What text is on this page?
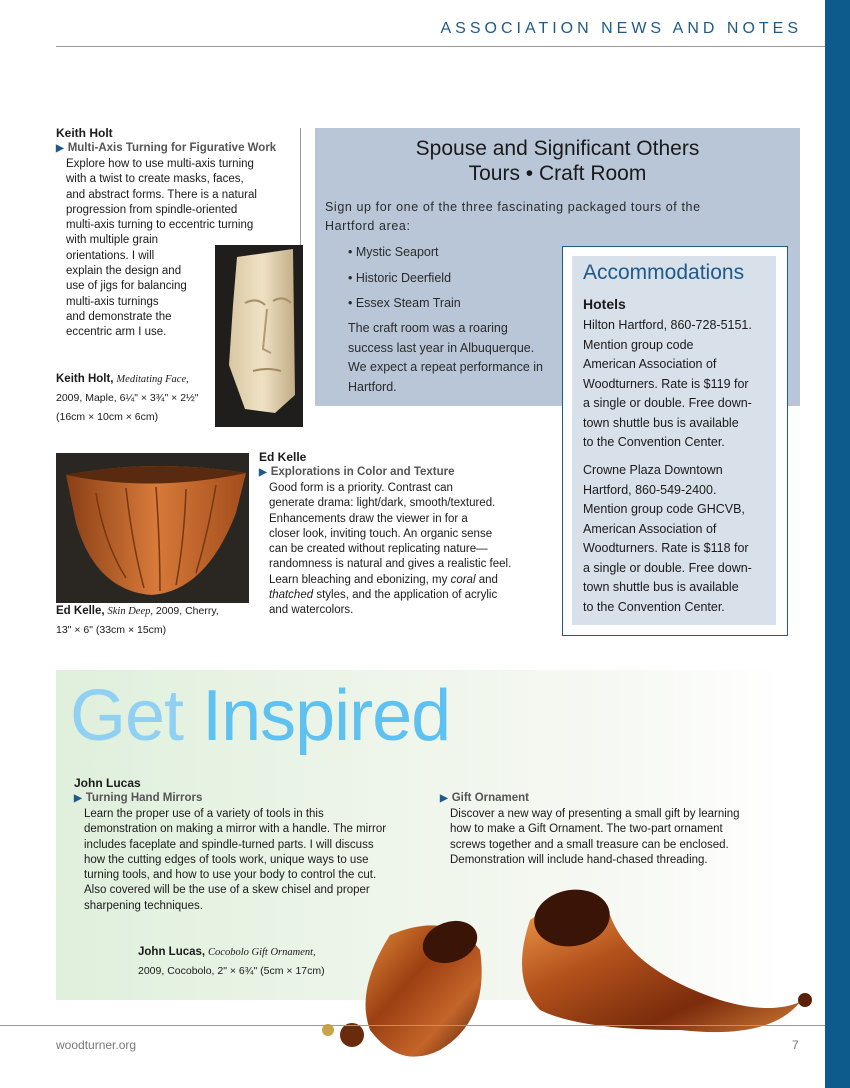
ASSOCIATION NEWS AND NOTES
Keith Holt
▶ Multi-Axis Turning for Figurative Work
Explore how to use multi-axis turning
with a twist to create masks, faces,
and abstract forms. There is a natural
progression from spindle-oriented
multi-axis turning to eccentric turning
with multiple grain
orientations. I will
explain the design and
use of jigs for balancing
multi-axis turnings
and demonstrate the
eccentric arm I use.
Keith Holt, Meditating Face,
2009, Maple, 6¼" × 3¾" × 2½"
(16cm × 10cm × 6cm)
Spouse and Significant Others
Tours • Craft Room
Sign up for one of the three fascinating packaged tours of the Hartford area:
• Mystic Seaport
• Historic Deerfield
• Essex Steam Train
The craft room was a roaring success last year in Albuquerque. We expect a repeat performance in Hartford.
Accommodations
Hotels
Hilton Hartford, 860-728-5151.
Mention group code
American Association of
Woodturners. Rate is $119 for
a single or double. Free down-
town shuttle bus is available
to the Convention Center.
Crowne Plaza Downtown
Hartford, 860-549-2400.
Mention group code GHCVB,
American Association of
Woodturners. Rate is $118 for
a single or double. Free down-
town shuttle bus is available
to the Convention Center.
Ed Kelle, Skin Deep, 2009, Cherry,
13" × 6" (33cm × 15cm)
Ed Kelle
▶ Explorations in Color and Texture
Good form is a priority. Contrast can
generate drama: light/dark, smooth/textured.
Enhancements draw the viewer in for a
closer look, inviting touch. An organic sense
can be created without replicating nature—
randomness is natural and gives a realistic feel.
Learn bleaching and ebonizing, my coral and
thatched styles, and the application of acrylic
and watercolors.
Get Inspired
John Lucas
▶ Turning Hand Mirrors
Learn the proper use of a variety of tools in this
demonstration on making a mirror with a handle. The mirror
includes faceplate and spindle-turned parts. I will discuss
how the cutting edges of tools work, unique ways to use
turning tools, and how to use your body to control the cut.
Also covered will be the use of a skew chisel and proper
sharpening techniques.
▶ Gift Ornament
Discover a new way of presenting a small gift by learning
how to make a Gift Ornament. The two-part ornament
screws together and a small treasure can be enclosed.
Demonstration will include hand-chased threading.
John Lucas, Cocobolo Gift Ornament,
2009, Cocobolo, 2" × 6¾" (5cm × 17cm)
woodturner.org	7
